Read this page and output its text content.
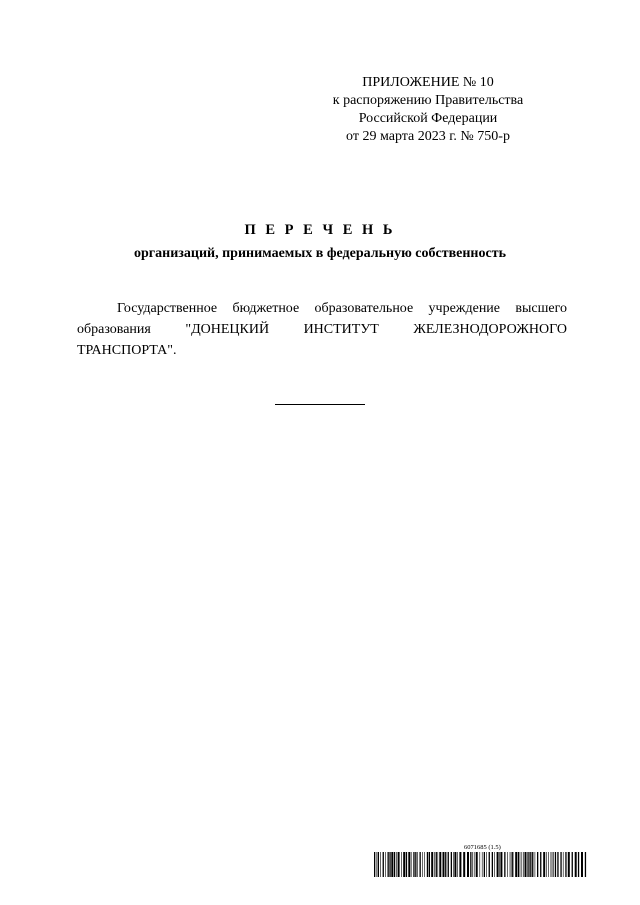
ПРИЛОЖЕНИЕ № 10
к распоряжению Правительства
Российской Федерации
от 29 марта 2023 г. № 750-р
П Е Р Е Ч Е Н Ь
организаций, принимаемых в федеральную собственность
Государственное бюджетное образовательное учреждение высшего образования "ДОНЕЦКИЙ ИНСТИТУТ ЖЕЛЕЗНОДОРОЖНОГО ТРАНСПОРТА".
6071685 (1.5)
